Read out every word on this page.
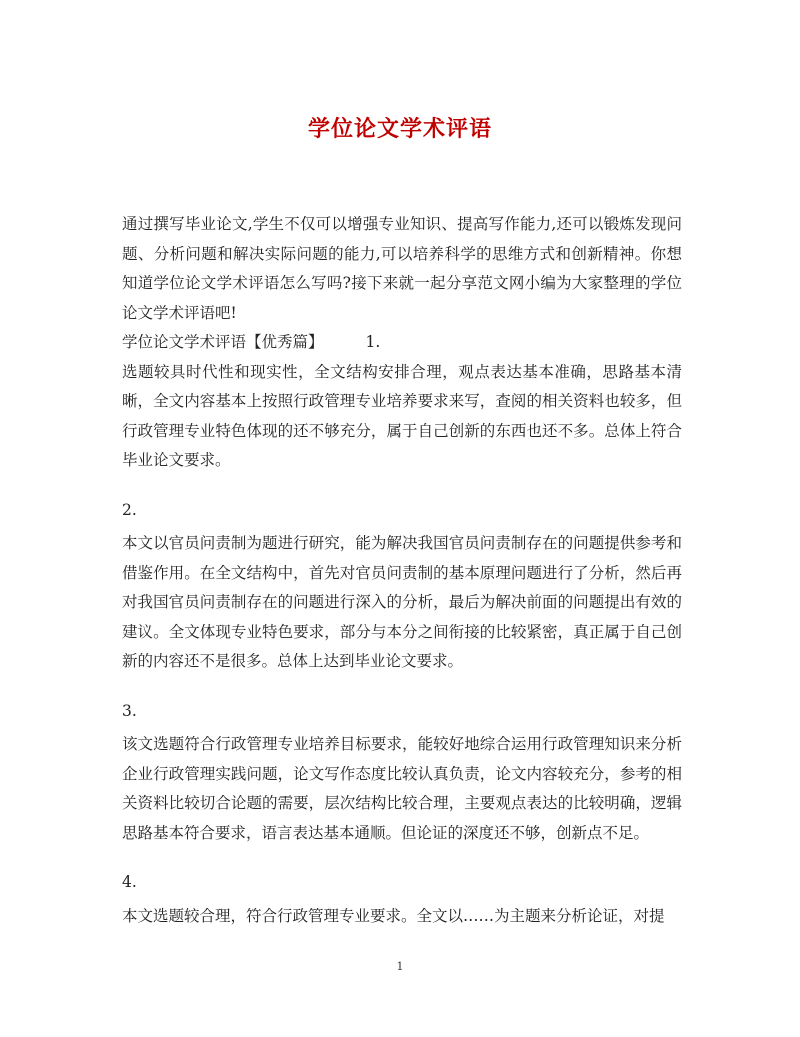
学位论文学术评语

通过撰写毕业论文,学生不仅可以增强专业知识、提高写作能力,还可以锻炼发现问题、分析问题和解决实际问题的能力,可以培养科学的思维方式和创新精神。你想知道学位论文学术评语怎么写吗?接下来就一起分享范文网小编为大家整理的学位论文学术评语吧!

学位论文学术评语【优秀篇】	1.

选题较具时代性和现实性，全文结构安排合理，观点表达基本准确，思路基本清晰，全文内容基本上按照行政管理专业培养要求来写，查阅的相关资料也较多，但行政管理专业特色体现的还不够充分，属于自己创新的东西也还不多。总体上符合毕业论文要求。

2.

本文以官员问责制为题进行研究，能为解决我国官员问责制存在的问题提供参考和借鉴作用。在全文结构中，首先对官员问责制的基本原理问题进行了分析，然后再对我国官员问责制存在的问题进行深入的分析，最后为解决前面的问题提出有效的建议。全文体现专业特色要求，部分与本分之间衔接的比较紧密，真正属于自己创新的内容还不是很多。总体上达到毕业论文要求。

3.

该文选题符合行政管理专业培养目标要求，能较好地综合运用行政管理知识来分析企业行政管理实践问题，论文写作态度比较认真负责，论文内容较充分，参考的相关资料比较切合论题的需要，层次结构比较合理，主要观点表达的比较明确，逻辑思路基本符合要求，语言表达基本通顺。但论证的深度还不够，创新点不足。

4.

本文选题较合理，符合行政管理专业要求。全文以……为主题来分析论证，对提

1
